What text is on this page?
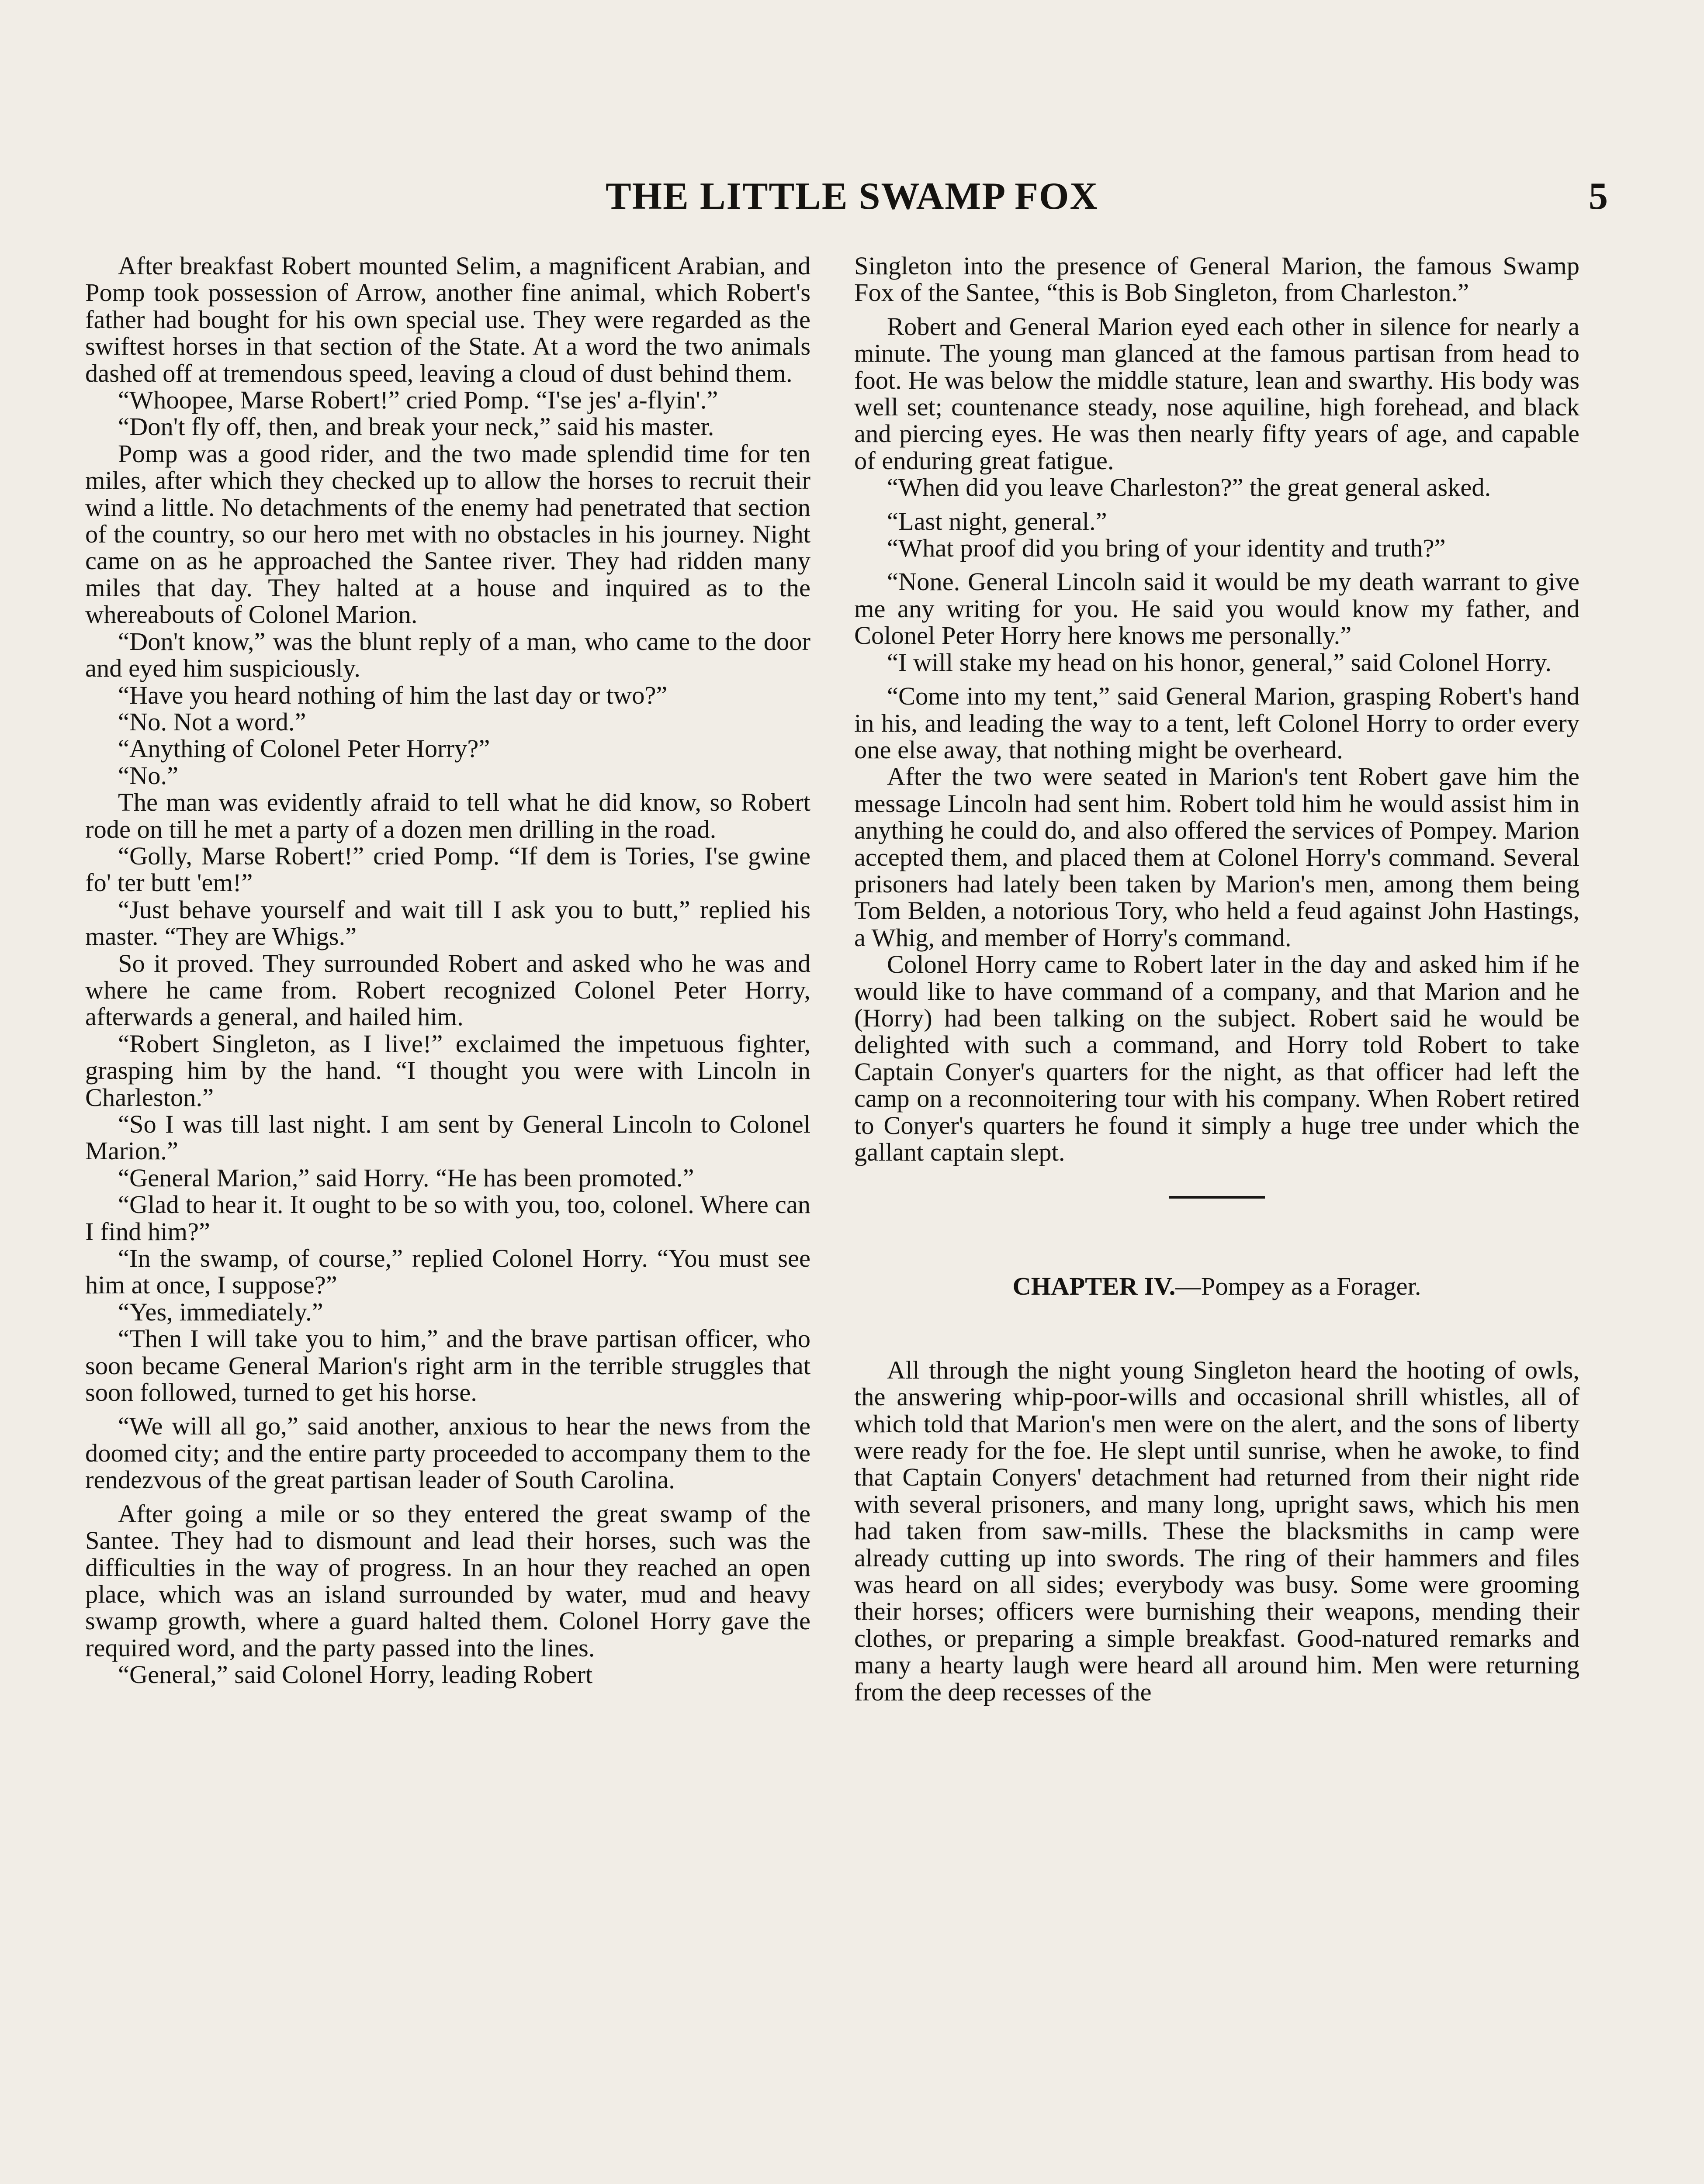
THE LITTLE SWAMP FOX	5

After breakfast Robert mounted Selim, a magnificent Arabian, and Pomp took possession of Arrow, another fine animal, which Robert's father had bought for his own special use. They were regarded as the swiftest horses in that section of the State. At a word the two animals dashed off at tremendous speed, leaving a cloud of dust behind them.

“Whoopee, Marse Robert!” cried Pomp. “I'se jes' a-flyin'.”

“Don't fly off, then, and break your neck,” said his master.

Pomp was a good rider, and the two made splendid time for ten miles, after which they checked up to allow the horses to recruit their wind a little. No detachments of the enemy had penetrated that section of the country, so our hero met with no obstacles in his journey. Night came on as he approached the Santee river. They had ridden many miles that day. They halted at a house and inquired as to the whereabouts of Colonel Marion.

“Don't know,” was the blunt reply of a man, who came to the door and eyed him suspiciously.

“Have you heard nothing of him the last day or two?”

“No. Not a word.”

“Anything of Colonel Peter Horry?”

“No.”

The man was evidently afraid to tell what he did know, so Robert rode on till he met a party of a dozen men drilling in the road.

“Golly, Marse Robert!” cried Pomp. “If dem is Tories, I'se gwine fo' ter butt 'em!”

“Just behave yourself and wait till I ask you to butt,” replied his master. “They are Whigs.”

So it proved. They surrounded Robert and asked who he was and where he came from. Robert recognized Colonel Peter Horry, afterwards a general, and hailed him.

“Robert Singleton, as I live!” exclaimed the impetuous fighter, grasping him by the hand. “I thought you were with Lincoln in Charleston.”

“So I was till last night. I am sent by General Lincoln to Colonel Marion.”

“General Marion,” said Horry. “He has been promoted.”

“Glad to hear it. It ought to be so with you, too, colonel. Where can I find him?”

“In the swamp, of course,” replied Colonel Horry. “You must see him at once, I suppose?”

“Yes, immediately.”

“Then I will take you to him,” and the brave partisan officer, who soon became General Marion's right arm in the terrible struggles that soon followed, turned to get his horse.

“We will all go,” said another, anxious to hear the news from the doomed city; and the entire party proceeded to accompany them to the rendezvous of the great partisan leader of South Carolina.

After going a mile or so they entered the great swamp of the Santee. They had to dismount and lead their horses, such was the difficulties in the way of progress. In an hour they reached an open place, which was an island surrounded by water, mud and heavy swamp growth, where a guard halted them. Colonel Horry gave the required word, and the party passed into the lines.

“General,” said Colonel Horry, leading Robert

Singleton into the presence of General Marion, the famous Swamp Fox of the Santee, “this is Bob Singleton, from Charleston.”

Robert and General Marion eyed each other in silence for nearly a minute. The young man glanced at the famous partisan from head to foot. He was below the middle stature, lean and swarthy. His body was well set; countenance steady, nose aquiline, high forehead, and black and piercing eyes. He was then nearly fifty years of age, and capable of enduring great fatigue.

“When did you leave Charleston?” the great general asked.

“Last night, general.”

“What proof did you bring of your identity and truth?”

“None. General Lincoln said it would be my death warrant to give me any writing for you. He said you would know my father, and Colonel Peter Horry here knows me personally.”

“I will stake my head on his honor, general,” said Colonel Horry.

“Come into my tent,” said General Marion, grasping Robert's hand in his, and leading the way to a tent, left Colonel Horry to order every one else away, that nothing might be overheard.

After the two were seated in Marion's tent Robert gave him the message Lincoln had sent him. Robert told him he would assist him in anything he could do, and also offered the services of Pompey. Marion accepted them, and placed them at Colonel Horry's command. Several prisoners had lately been taken by Marion's men, among them being Tom Belden, a notorious Tory, who held a feud against John Hastings, a Whig, and member of Horry's command.

Colonel Horry came to Robert later in the day and asked him if he would like to have command of a company, and that Marion and he (Horry) had been talking on the subject. Robert said he would be delighted with such a command, and Horry told Robert to take Captain Conyer's quarters for the night, as that officer had left the camp on a reconnoitering tour with his company. When Robert retired to Conyer's quarters he found it simply a huge tree under which the gallant captain slept.

CHAPTER IV.—Pompey as a Forager.

All through the night young Singleton heard the hooting of owls, the answering whip-poor-wills and occasional shrill whistles, all of which told that Marion's men were on the alert, and the sons of liberty were ready for the foe. He slept until sunrise, when he awoke, to find that Captain Conyers' detachment had returned from their night ride with several prisoners, and many long, upright saws, which his men had taken from saw-mills. These the blacksmiths in camp were already cutting up into swords. The ring of their hammers and files was heard on all sides; everybody was busy. Some were grooming their horses; officers were burnishing their weapons, mending their clothes, or preparing a simple breakfast. Good-natured remarks and many a hearty laugh were heard all around him. Men were returning from the deep recesses of the
